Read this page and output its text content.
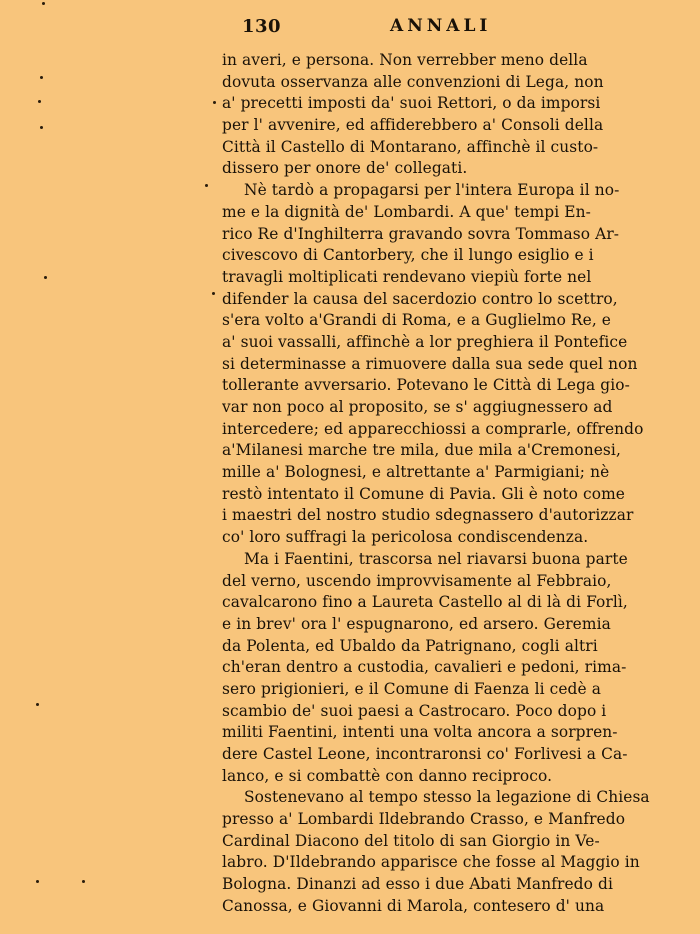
130	ANNALI
in averi, e persona. Non verrebber meno della
dovuta osservanza alle convenzioni di Lega, non
a' precetti imposti da' suoi Rettori, o da imporsi
per l' avvenire, ed affiderebbero a' Consoli della
Città il Castello di Montarano, affinchè il custo-
dissero per onore de' collegati.
Nè tardò a propagarsi per l'intera Europa il no-
me e la dignità de' Lombardi. A que' tempi En-
rico Re d'Inghilterra gravando sovra Tommaso Ar-
civescovo di Cantorbery, che il lungo esiglio e i
travagli moltiplicati rendevano viepiù forte nel
difender la causa del sacerdozio contro lo scettro,
s'era volto a'Grandi di Roma, e a Guglielmo Re, e
a' suoi vassalli, affinchè a lor preghiera il Pontefice
si determinasse a rimuovere dalla sua sede quel non
tollerante avversario. Potevano le Città di Lega gio-
var non poco al proposito, se s' aggiugnessero ad
intercedere; ed apparecchiossi a comprarle, offrendo
a'Milanesi marche tre mila, due mila a'Cremonesi,
mille a' Bolognesi, e altrettante a' Parmigiani; nè
restò intentato il Comune di Pavia. Gli è noto come
i maestri del nostro studio sdegnassero d'autorizzar
co' loro suffragi la pericolosa condiscendenza.
Ma i Faentini, trascorsa nel riavarsi buona parte
del verno, uscendo improvvisamente al Febbraio,
cavalcarono fino a Laureta Castello al di là di Forlì,
e in brev' ora l' espugnarono, ed arsero. Geremia
da Polenta, ed Ubaldo da Patrignano, cogli altri
ch'eran dentro a custodia, cavalieri e pedoni, rima-
sero prigionieri, e il Comune di Faenza li cedè a
scambio de' suoi paesi a Castrocaro. Poco dopo i
militi Faentini, intenti una volta ancora a sorpren-
dere Castel Leone, incontraronsi co' Forlivesi a Ca-
lanco, e si combattè con danno reciproco.
Sostenevano al tempo stesso la legazione di Chiesa
presso a' Lombardi Ildebrando Crasso, e Manfredo
Cardinal Diacono del titolo di san Giorgio in Ve-
labro. D'Ildebrando apparisce che fosse al Maggio in
Bologna. Dinanzi ad esso i due Abati Manfredo di
Canossa, e Giovanni di Marola, contesero d' una
